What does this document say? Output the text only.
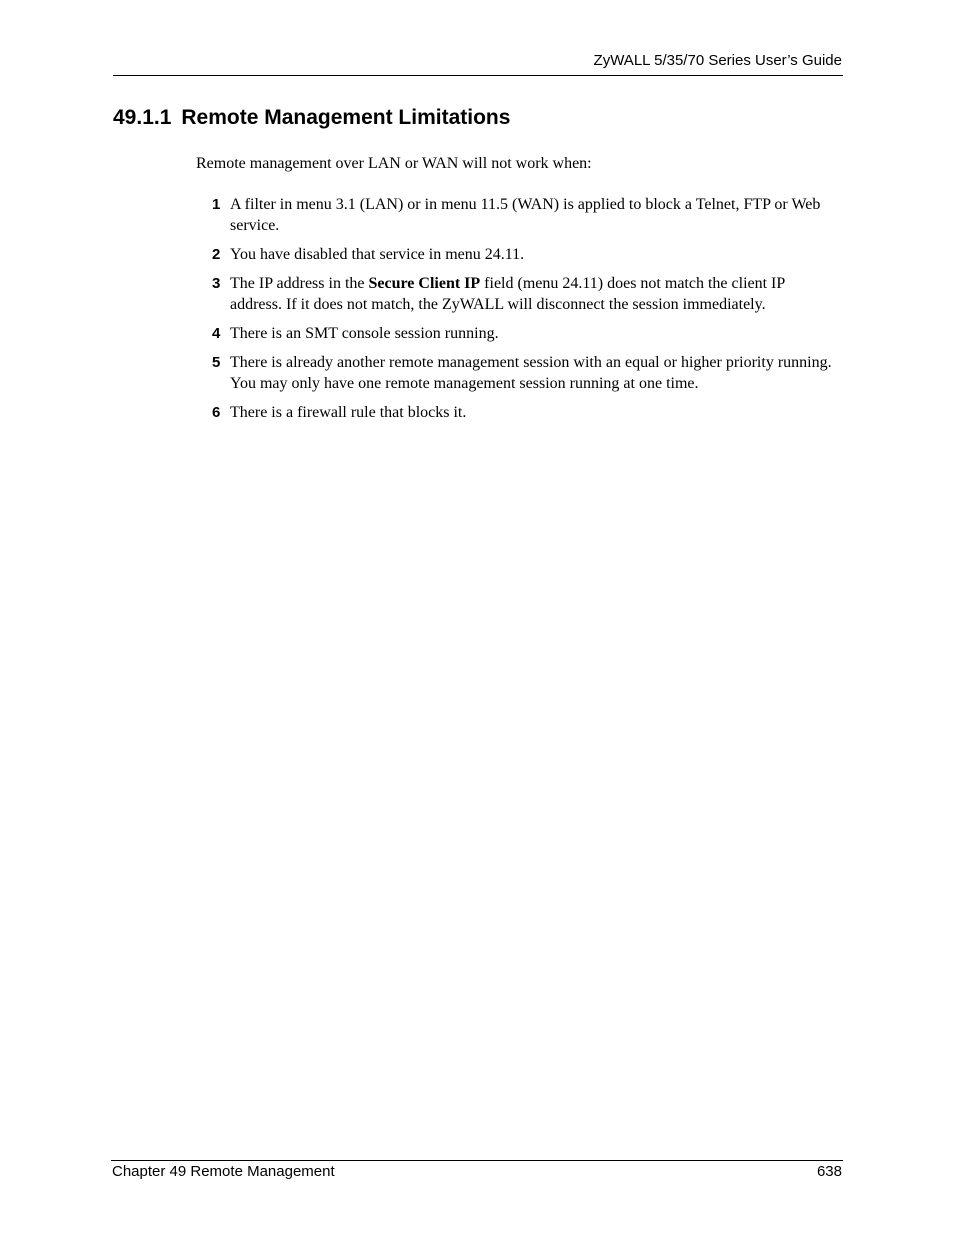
ZyWALL 5/35/70 Series User’s Guide
49.1.1 Remote Management Limitations

Remote management over LAN or WAN will not work when:

1 A filter in menu 3.1 (LAN) or in menu 11.5 (WAN) is applied to block a Telnet, FTP or Web service.
2 You have disabled that service in menu 24.11.
3 The IP address in the Secure Client IP field (menu 24.11) does not match the client IP address. If it does not match, the ZyWALL will disconnect the session immediately.
4 There is an SMT console session running.
5 There is already another remote management session with an equal or higher priority running. You may only have one remote management session running at one time.
6 There is a firewall rule that blocks it.
Chapter 49 Remote Management	638
